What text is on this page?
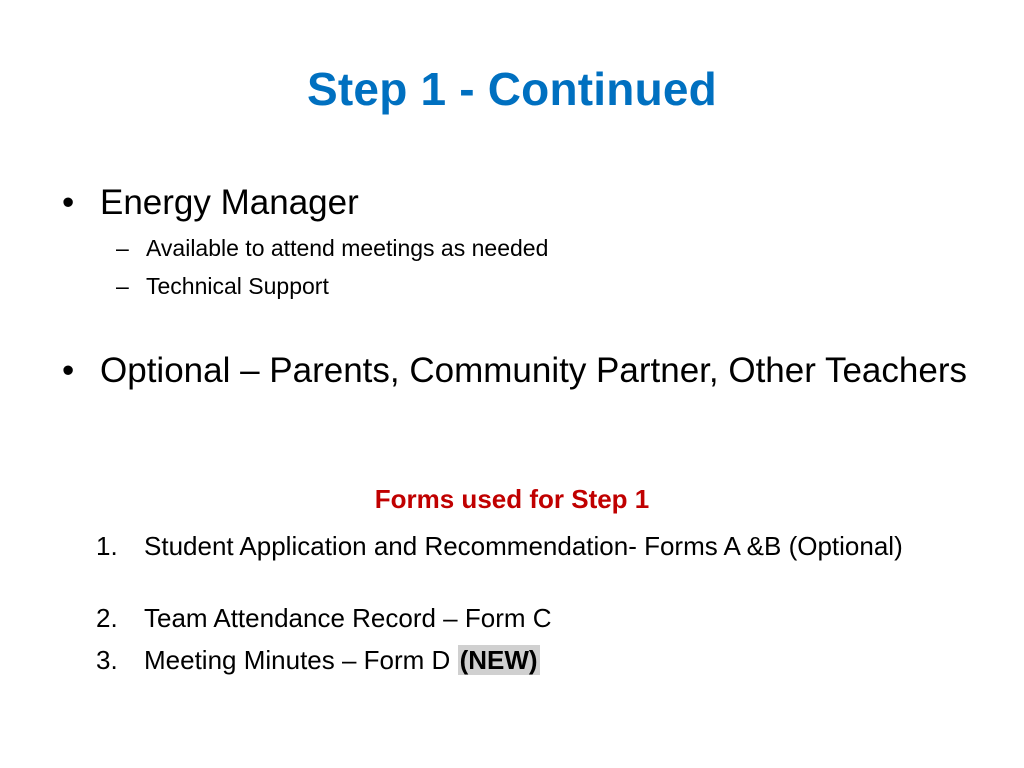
Step 1 - Continued
• Energy Manager
– Available to attend meetings as needed
– Technical Support
• Optional – Parents, Community Partner, Other Teachers
Forms used for Step 1
1. Student Application and Recommendation- Forms A &B (Optional)
2. Team Attendance Record – Form C
3. Meeting Minutes – Form D (NEW)
